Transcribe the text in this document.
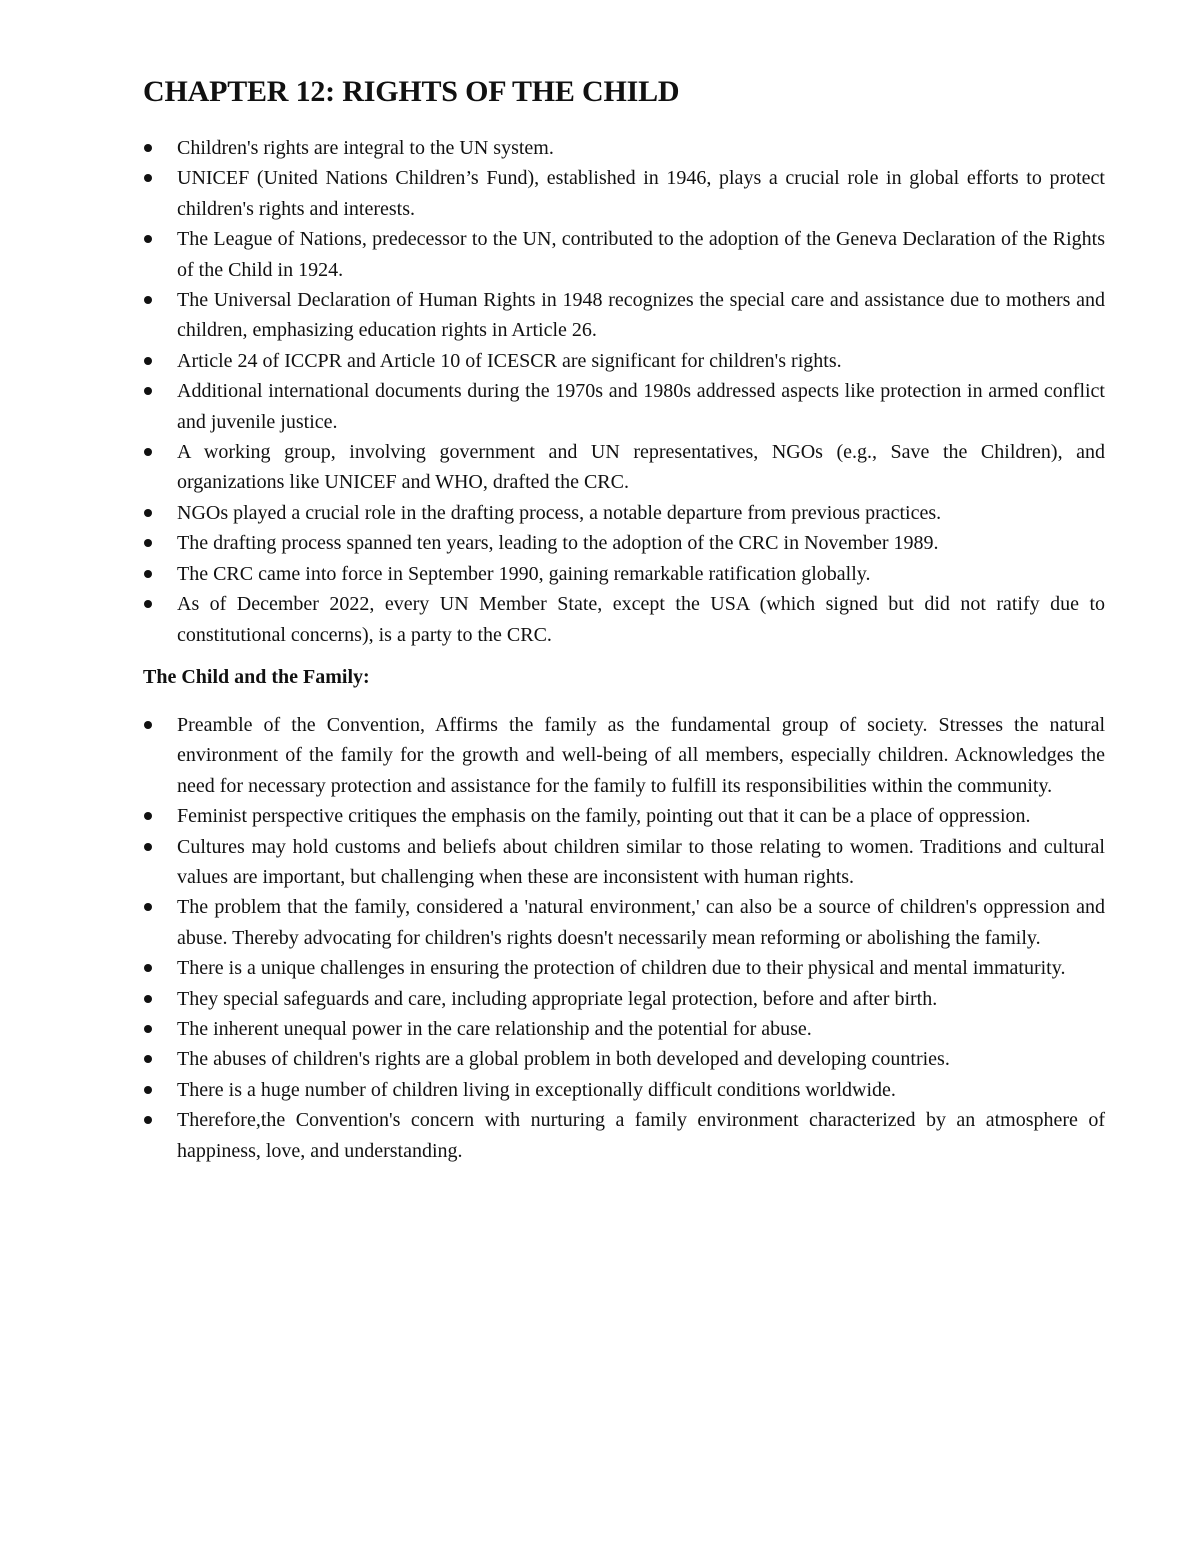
CHAPTER 12: RIGHTS OF THE CHILD
Children's rights are integral to the UN system.
UNICEF (United Nations Children’s Fund), established in 1946, plays a crucial role in global efforts to protect children's rights and interests.
The League of Nations, predecessor to the UN, contributed to the adoption of the Geneva Declaration of the Rights of the Child in 1924.
The Universal Declaration of Human Rights in 1948 recognizes the special care and assistance due to mothers and children, emphasizing education rights in Article 26.
Article 24 of ICCPR and Article 10 of ICESCR are significant for children's rights.
Additional international documents during the 1970s and 1980s addressed aspects like protection in armed conflict and juvenile justice.
A working group, involving government and UN representatives, NGOs (e.g., Save the Children), and organizations like UNICEF and WHO, drafted the CRC.
NGOs played a crucial role in the drafting process, a notable departure from previous practices.
The drafting process spanned ten years, leading to the adoption of the CRC in November 1989.
The CRC came into force in September 1990, gaining remarkable ratification globally.
As of December 2022, every UN Member State, except the USA (which signed but did not ratify due to constitutional concerns), is a party to the CRC.
The Child and the Family:
Preamble of the Convention, Affirms the family as the fundamental group of society. Stresses the natural environment of the family for the growth and well-being of all members, especially children. Acknowledges the need for necessary protection and assistance for the family to fulfill its responsibilities within the community.
Feminist perspective critiques the emphasis on the family, pointing out that it can be a place of oppression.
Cultures may hold customs and beliefs about children similar to those relating to women. Traditions and cultural values are important, but challenging when these are inconsistent with human rights.
The problem that the family, considered a 'natural environment,' can also be a source of children's oppression and abuse. Thereby advocating for children's rights doesn't necessarily mean reforming or abolishing the family.
There is a unique challenges in ensuring the protection of children due to their physical and mental immaturity.
They special safeguards and care, including appropriate legal protection, before and after birth.
The inherent unequal power in the care relationship and the potential for abuse.
The abuses of children's rights are a global problem in both developed and developing countries.
There is a huge number of children living in exceptionally difficult conditions worldwide.
Therefore,the Convention's concern with nurturing a family environment characterized by an atmosphere of happiness, love, and understanding.
